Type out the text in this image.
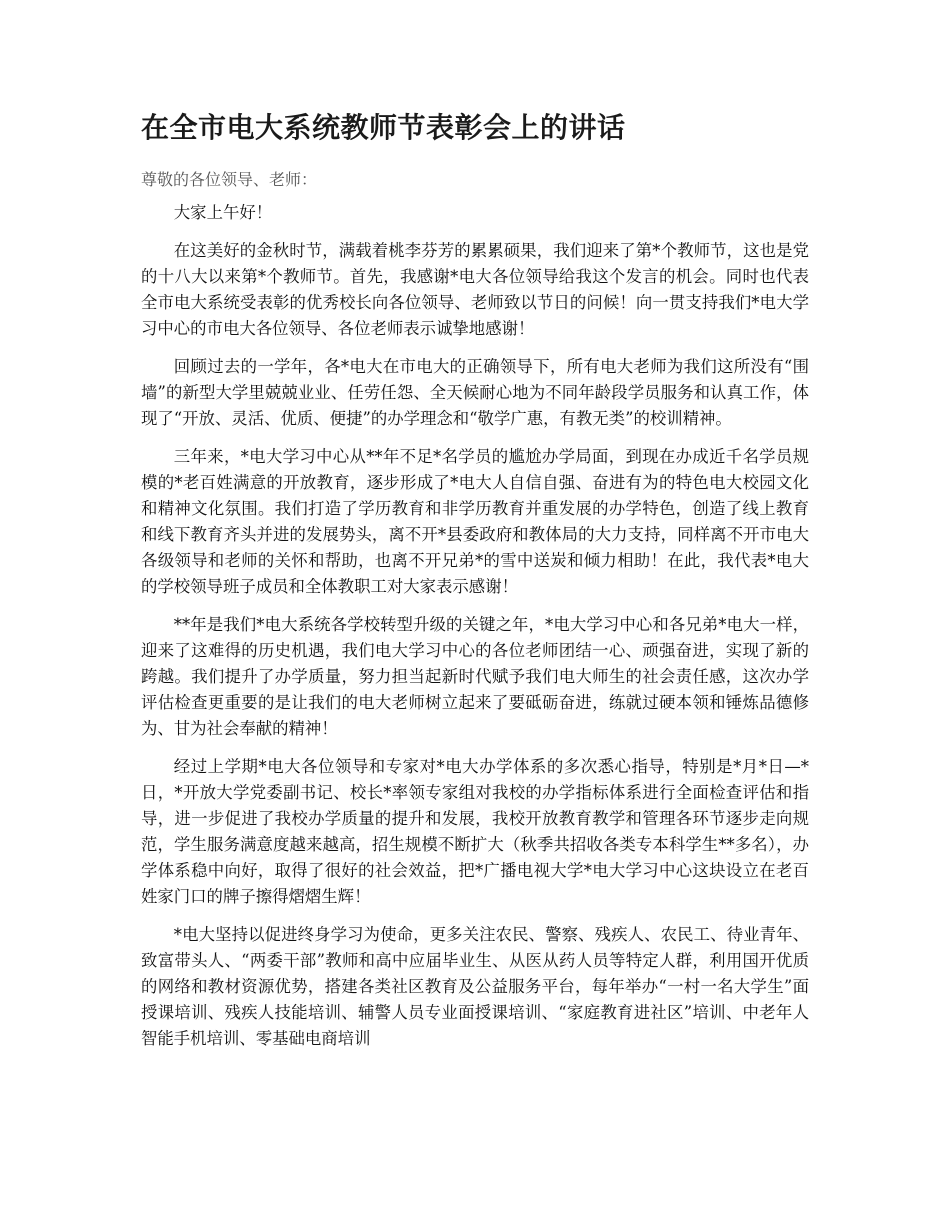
在全市电大系统教师节表彰会上的讲话
尊敬的各位领导、老师：

大家上午好！

在这美好的金秋时节，满载着桃李芬芳的累累硕果，我们迎来了第*个教师节，这也是党的十八大以来第*个教师节。首先，我感谢*电大各位领导给我这个发言的机会。同时也代表全市电大系统受表彰的优秀校长向各位领导、老师致以节日的问候！向一贯支持我们*电大学习中心的市电大各位领导、各位老师表示诚挚地感谢！

回顾过去的一学年，各*电大在市电大的正确领导下，所有电大老师为我们这所没有“围墙”的新型大学里兢兢业业、任劳任怨、全天候耐心地为不同年龄段学员服务和认真工作，体现了“开放、灵活、优质、便捷”的办学理念和“敬学广惠，有教无类”的校训精神。

三年来，*电大学习中心从**年不足*名学员的尴尬办学局面，到现在办成近千名学员规模的*老百姓满意的开放教育，逐步形成了*电大人自信自强、奋进有为的特色电大校园文化和精神文化氛围。我们打造了学历教育和非学历教育并重发展的办学特色，创造了线上教育和线下教育齐头并进的发展势头，离不开*县委政府和教体局的大力支持，同样离不开市电大各级领导和老师的关怀和帮助，也离不开兄弟*的雪中送炭和倾力相助！在此，我代表*电大的学校领导班子成员和全体教职工对大家表示感谢！

**年是我们*电大系统各学校转型升级的关键之年，*电大学习中心和各兄弟*电大一样，迎来了这难得的历史机遇，我们电大学习中心的各位老师团结一心、顽强奋进，实现了新的跨越。我们提升了办学质量，努力担当起新时代赋予我们电大师生的社会责任感，这次办学评估检查更重要的是让我们的电大老师树立起来了要砥砺奋进，练就过硬本领和锤炼品德修为、甘为社会奉献的精神！

经过上学期*电大各位领导和专家对*电大办学体系的多次悉心指导，特别是*月*日—*日，*开放大学党委副书记、校长*率领专家组对我校的办学指标体系进行全面检查评估和指导，进一步促进了我校办学质量的提升和发展，我校开放教育教学和管理各环节逐步走向规范，学生服务满意度越来越高，招生规模不断扩大（秋季共招收各类专本科学生**多名），办学体系稳中向好，取得了很好的社会效益，把*广播电视大学*电大学习中心这块设立在老百姓家门口的牌子擦得熠熠生辉！

*电大坚持以促进终身学习为使命，更多关注农民、警察、残疾人、农民工、待业青年、致富带头人、“两委干部”教师和高中应届毕业生、从医从药人员等特定人群，利用国开优质的网络和教材资源优势，搭建各类社区教育及公益服务平台，每年举办“一村一名大学生”面授课培训、残疾人技能培训、辅警人员专业面授课培训、“家庭教育进社区”培训、中老年人智能手机培训、零基础电商培训
